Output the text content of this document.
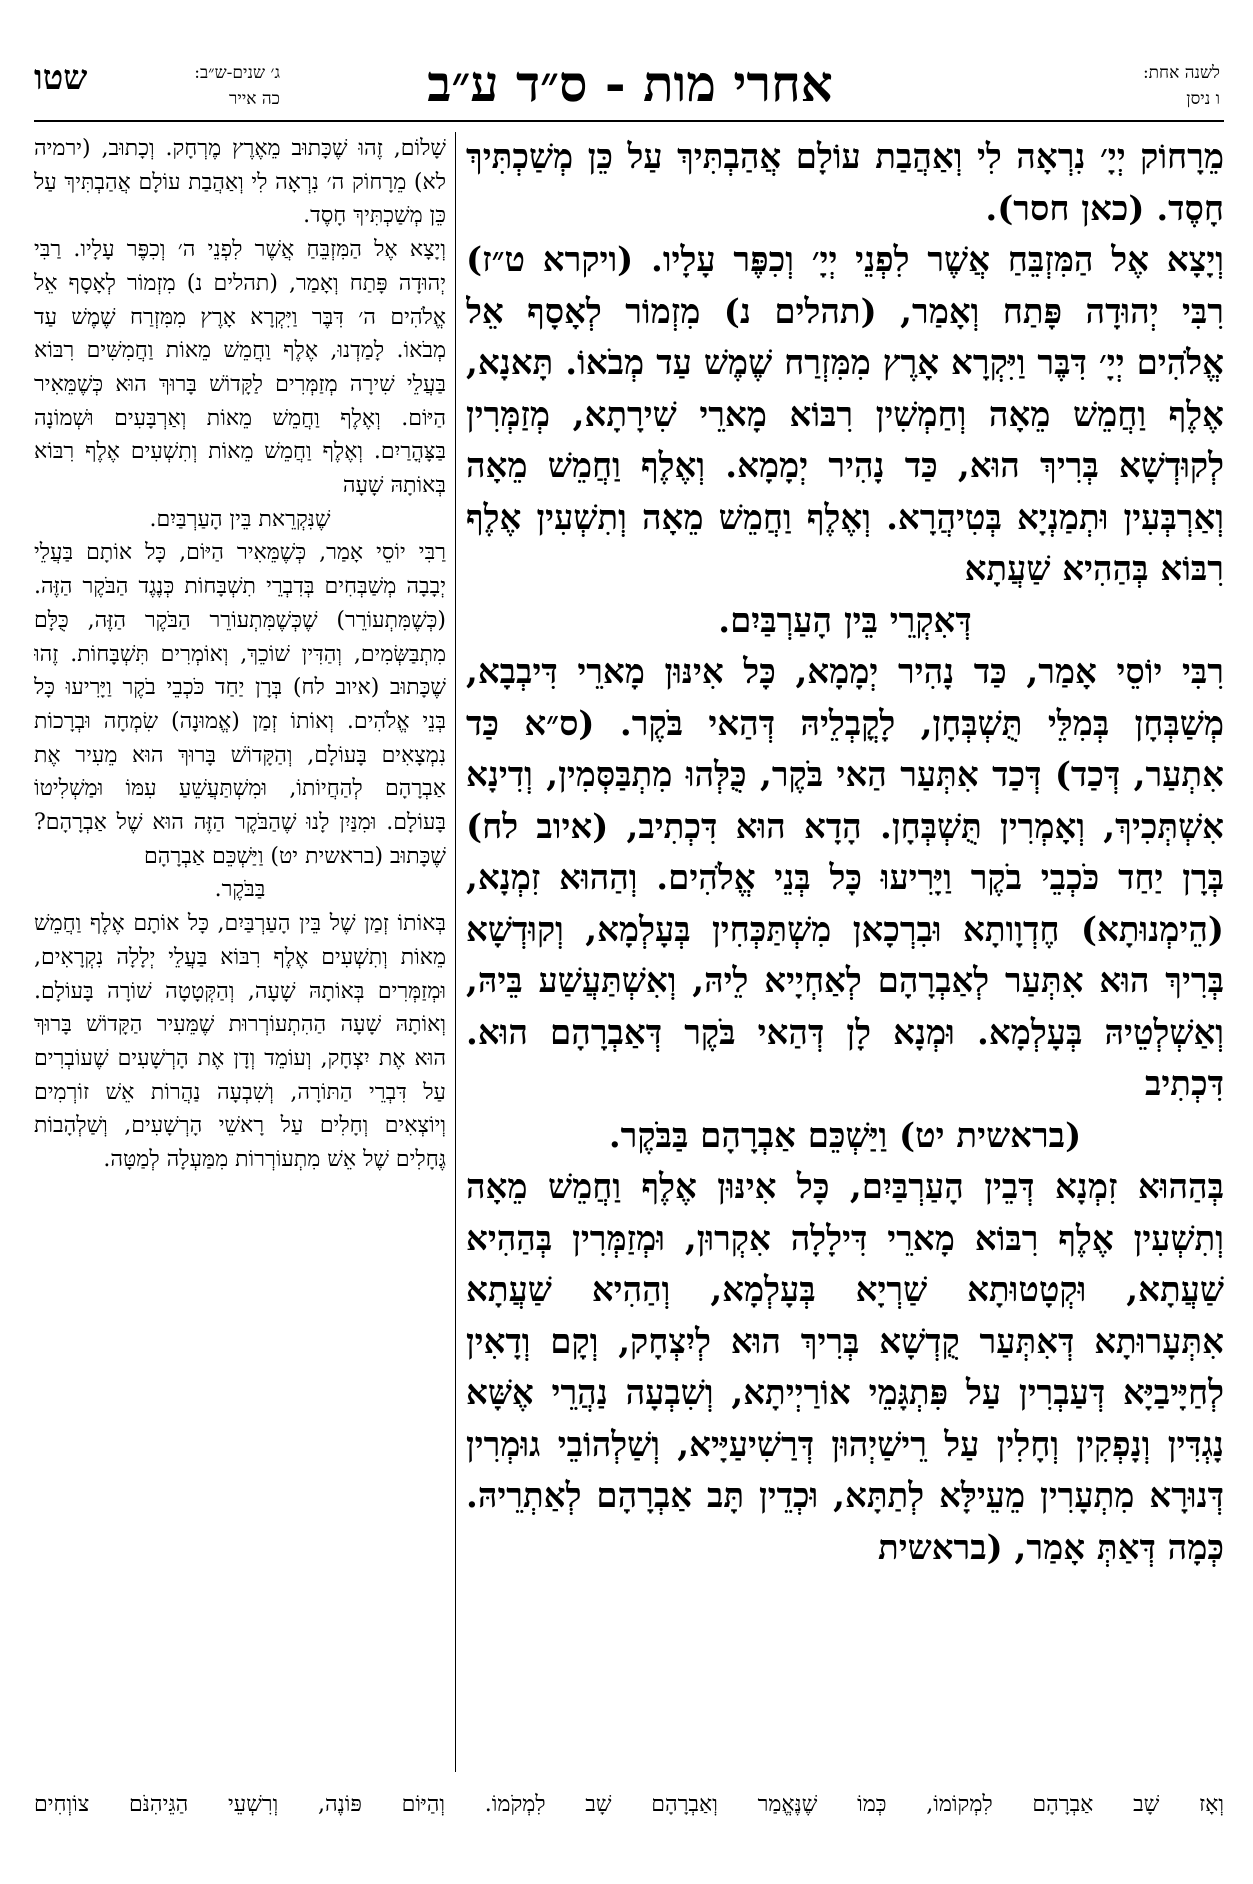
שטו	ג׳ שנים-ש״ב:
כה אייר	אחרי מות - ס״ד ע״ב	לשנה אחת:
ו ניסן

מֵרָחוֹק יְיָ׳ נִרְאָה לִי וְאַהֲבַת עוֹלָם אֲהַבְתִּיךְ עַל כֵּן מְשַׁכְתִּיךְ חָסֶד. (כאן חסר).

וְיָצָא אֶל הַמִּזְבֵּחַ אֲשֶׁר לִפְנֵי יְיָ׳ וְכִפֶּר עָלָיו. (ויקרא ט״ז) רִבִּי יְהוּדָה פָּתַח וְאָמַר, (תהלים נ) מִזְמוֹר לְאָסָף אֵל אֱלֹהִים יְיָ׳ דִּבֶּר וַיִּקְרָא אָרֶץ מִמִּזְרַח שֶׁמֶשׁ עַד מְבֹאוֹ. תָּאנָא, אֶלֶף וַחֲמֵשׁ מֵאָה וְחַמְשִׁין רִבּוֹא מָארֵי שִׁירָתָא, מְזַמְּרִין לְקוּדְשָׁא בְּרִיךְ הוּא, כַּד נָהִיר יְמָמָא. וְאֶלֶף וַחֲמֵשׁ מֵאָה וְאַרְבְּעִין וּתְמַנְיָא בְּטִיהֲרָא. וְאֶלֶף וַחֲמֵשׁ מֵאָה וְתִשְׁעִין אֶלֶף רִבּוֹא בְּהַהִיא שַׁעֲתָא

דְּאִקְרֵי בֵּין הָעַרְבַּיִם.

רִבִּי יוֹסֵי אָמַר, כַּד נָהִיר יְמָמָא, כָּל אִינּוּן מָארֵי דִּיבְבָא, מְשַׁבְּחָן בְּמִלֵּי תֻּשְׁבְּחָן, לָקֳבְלֵיהּ דְּהַאי בֹּקֶר. (ס״א כַּד אִתְעַר, דְּכַד) דְּכַד אִתְּעַר הַאי בֹּקֶר, כֻּלְּהוּ מִתְבַּסְּמִין, וְדִינָא אִשְׁתְּכִיךְ, וְאָמְרִין תֻּשְׁבְּחָן. הָדָא הוּא דִּכְתִיב, (איוב לח) בְּרָן יַחַד כֹּכְבֵי בֹקֶר וַיָּרִיעוּ כָּל בְּנֵי אֱלֹהִים. וְהַהוּא זִמְנָא, (הֵימְנוּתָא) חֶדְוָותָא וּבִרְכָאן מִשְׁתַּכְּחִין בְּעָלְמָא, וְקוּדְשָׁא בְּרִיךְ הוּא אִתְּעַר לְאַבְרָהָם לְאַחְיָיא לֵיהּ, וְאִשְׁתַּעֲשַׁע בֵּיהּ, וְאַשְׁלְטֵיהּ בְּעָלְמָא. וּמְנָא לָן דְּהַאי בֹּקֶר דְּאַבְרָהָם הוּא. דִּכְתִיב

(בראשית יט) וַיַּשְׁכֵּם אַבְרָהָם בַּבֹּקֶר.

בְּהַהוּא זִמְנָא דְּבֵין הָעַרְבַּיִם, כָּל אִינּוּן אֶלֶף וַחֲמֵשׁ מֵאָה וְתִשְׁעִין אֶלֶף רִבּוֹא מָארֵי דִּילָלָה אִקְרוּן, וּמְזַמְּרִין בְּהַהִיא שַׁעֲתָא, וּקְטָטוּתָא שַׁרְיָא בְּעָלְמָא, וְהַהִיא שַׁעֲתָא אִתְּעָרוּתָא דְּאִתְּעַר קֻדְשָׁא בְּרִיךְ הוּא לְיִצְחָק, וְקָם וְדָאִין לְחַיָּיבַיָּא דְּעַבְרִין עַל פִּתְגָּמֵי אוֹרַיְיתָא, וְשִׁבְעָה נַהֲרֵי אֶשָּׁא נָגְדִּין וְנָפְקִין וְחָלִין עַל רֵישַׁיְהוּן דְּרַשִׁיעַיָּיא, וְשַׁלְהוֹבֵי גוּמְרִין דְּנוּרָא מִתְעָרִין מֵעֵילָּא לְתַתָּא, וּכְדֵין תָּב אַבְרָהָם לְאַתְרֵיהּ. כְּמָה דְּאַתְּ אָמַר, (בראשית

שָׁלוֹם, זֶהוּ שֶׁכָּתוּב מֵאֶרֶץ מֶרְחָק. וְכָתוּב, (ירמיה לא) מֵרָחוֹק ה׳ נִרְאָה לִי וְאַהֲבַת עוֹלָם אֲהַבְתִּיךְ עַל כֵּן מְשַׁכְתִּיךְ חָסֶד.

וְיָצָא אֶל הַמִּזְבֵּחַ אֲשֶׁר לִפְנֵי ה׳ וְכִפֶּר עָלָיו. רַבִּי יְהוּדָה פָּתַח וְאָמַר, (תהלים נ) מִזְמוֹר לְאָסָף אֵל אֱלֹהִים ה׳ דִּבֶּר וַיִּקְרָא אָרֶץ מִמִּזְרַח שֶׁמֶשׁ עַד מְבֹאוֹ. לָמַדְנוּ, אֶלֶף וַחֲמֵשׁ מֵאוֹת וַחֲמִשִּׁים רִבּוֹא בַּעֲלֵי שִׁירָה מְזַמְּרִים לַקָּדוֹשׁ בָּרוּךְ הוּא כְּשֶׁמֵּאִיר הַיּוֹם. וְאֶלֶף וַחֲמֵשׁ מֵאוֹת וְאַרְבָּעִים וּשְׁמוֹנָה בַּצָּהֳרַיִם. וְאֶלֶף וַחֲמֵשׁ מֵאוֹת וְתִשְׁעִים אֶלֶף רִבּוֹא בְּאוֹתָהּ שָׁעָה

שֶׁנִּקְרֵאת בֵּין הָעַרְבַּיִם.

רַבִּי יוֹסֵי אָמַר, כְּשֶׁמֵּאִיר הַיּוֹם, כָּל אוֹתָם בַּעֲלֵי יְבָבָה מְשַׁבְּחִים בְּדִבְרֵי תִשְׁבָּחוֹת כְּנֶגֶד הַבֹּקֶר הַזֶּה. (כְּשֶׁמִּתְעוֹרֵר) שֶׁכְּשֶׁמִּתְעוֹרֵר הַבֹּקֶר הַזֶּה, כֻּלָּם מִתְבַּשְּׂמִים, וְהַדִּין שׁוֹכֵךְ, וְאוֹמְרִים תִּשְׁבָּחוֹת. זֶהוּ שֶׁכָּתוּב (איוב לח) בְּרָן יַחַד כֹּכְבֵי בֹקֶר וַיָּרִיעוּ כָּל בְּנֵי אֱלֹהִים. וְאוֹתוֹ זְמַן (אֱמוּנָה) שִׂמְחָה וּבְרָכוֹת נִמְצָאִים בָּעוֹלָם, וְהַקָּדוֹשׁ בָּרוּךְ הוּא מֵעִיר אֶת אַבְרָהָם לְהַחֲיוֹתוֹ, וּמִשְׁתַּעֲשֵׁעַ עִמּוֹ וּמַשְׁלִיטוֹ בָּעוֹלָם. וּמִנַּיִן לָנוּ שֶׁהַבֹּקֶר הַזֶּה הוּא שֶׁל אַבְרָהָם? שֶׁכָּתוּב (בראשית יט) וַיַּשְׁכֵּם אַבְרָהָם

בַּבֹּקֶר.

בְּאוֹתוֹ זְמַן שֶׁל בֵּין הָעַרְבַּיִם, כָּל אוֹתָם אֶלֶף וַחֲמֵשׁ מֵאוֹת וְתִשְׁעִים אֶלֶף רִבּוֹא בַּעֲלֵי יְלָלָה נִקְרָאִים, וּמְזַמְּרִים בְּאוֹתָהּ שָׁעָה, וְהַקְּטָטָה שׁוֹרָה בָּעוֹלָם. וְאוֹתָהּ שָׁעָה הַהִתְעוֹרְרוּת שֶׁמֵּעִיר הַקָּדוֹשׁ בָּרוּךְ הוּא אֶת יִצְחָק, וְעוֹמֵד וְדָן אֶת הָרְשָׁעִים שֶׁעוֹבְרִים עַל דִּבְרֵי הַתּוֹרָה, וְשִׁבְעָה נַהֲרוֹת אֵשׁ זוֹרְמִים וְיוֹצְאִים וְחָלִים עַל רָאשֵׁי הָרְשָׁעִים, וְשַׁלְהָבוֹת גֶּחָלִים שֶׁל אֵשׁ מִתְעוֹרְרוֹת מִמַּעְלָה לְמַטָּה.

וְאָז שָׁב אַבְרָהָם לִמְקוֹמוֹ, כְּמוֹ שֶׁנֶּאֱמַר וְאַבְרָהָם שָׁב לִמְקֹמוֹ. וְהַיּוֹם פּוֹנֶה, וְרִשְׁעֵי הַגֵּיהִנֹּם צוֹוְחִים
